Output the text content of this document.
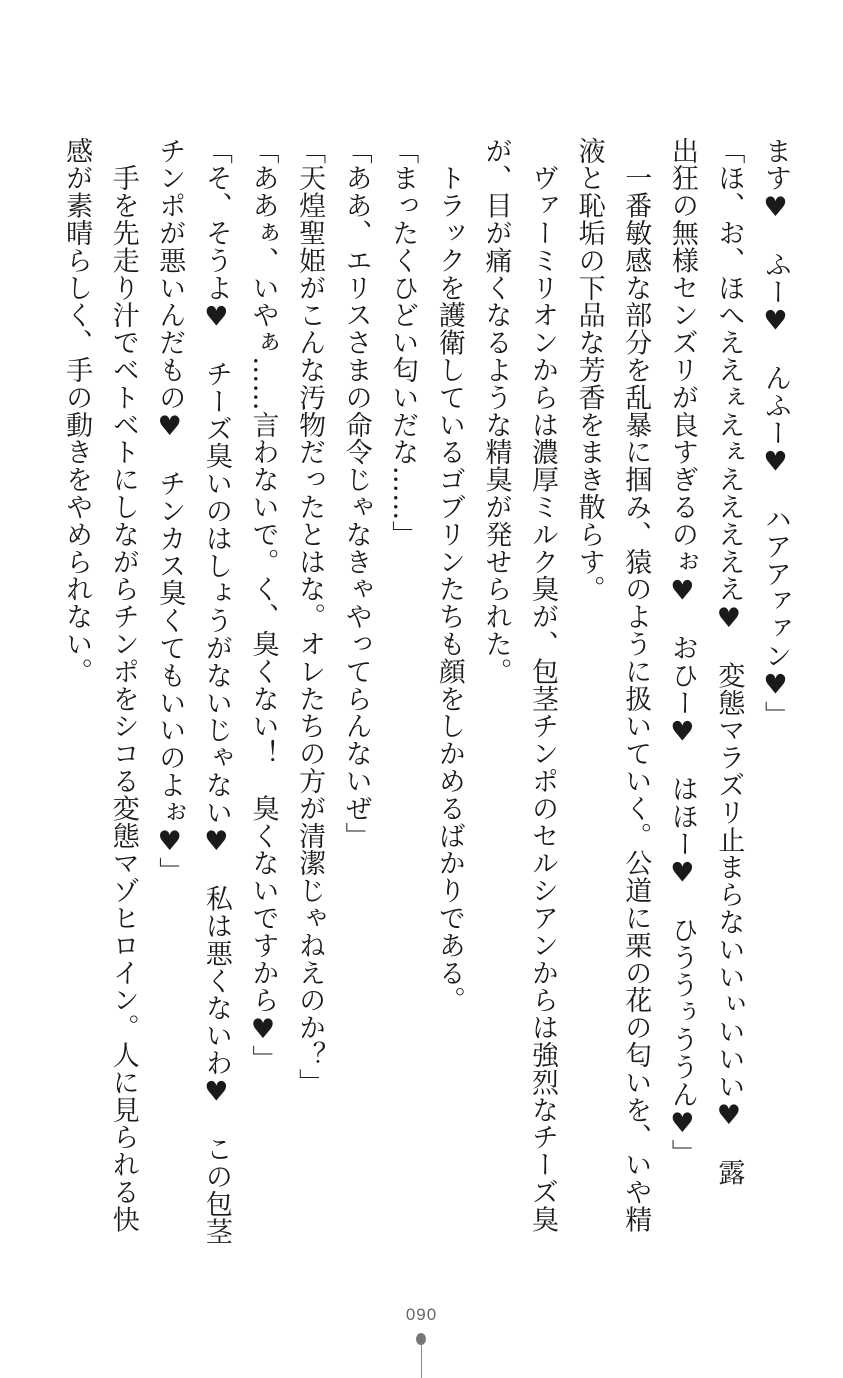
ます♥　ふー♥　んふー♥　ハアアァァン♥」
「ほ、お、ほへええぇえぇえええええ♥　変態マラズリ止まらないいぃいいい♥　露
出狂の無様センズリが良すぎるのぉ♥　おひー♥　はほー♥　ひううぅううん♥」
　一番敏感な部分を乱暴に掴み、猿のように扱いていく。公道に栗の花の匂いを、いや精
液と恥垢の下品な芳香をまき散らす。
　ヴァーミリオンからは濃厚ミルク臭が、包茎チンポのセルシアンからは強烈なチーズ臭
が、目が痛くなるような精臭が発せられた。
　トラックを護衛しているゴブリンたちも顔をしかめるばかりである。
「まったくひどい匂いだな……」
「ああ、エリスさまの命令じゃなきゃやってらんないぜ」
「天煌聖姫がこんな汚物だったとはな。オレたちの方が清潔じゃねえのか？」
「ああぁ、いやぁ……言わないで。く、臭くない！　臭くないですから♥」
「そ、そうよ♥　チーズ臭いのはしょうがないじゃない♥　私は悪くないわ♥　この包茎
チンポが悪いんだもの♥　チンカス臭くてもいいのよぉ♥」
　手を先走り汁でベトベトにしながらチンポをシコる変態マゾヒロイン。人に見られる快
感が素晴らしく、手の動きをやめられない。
090
